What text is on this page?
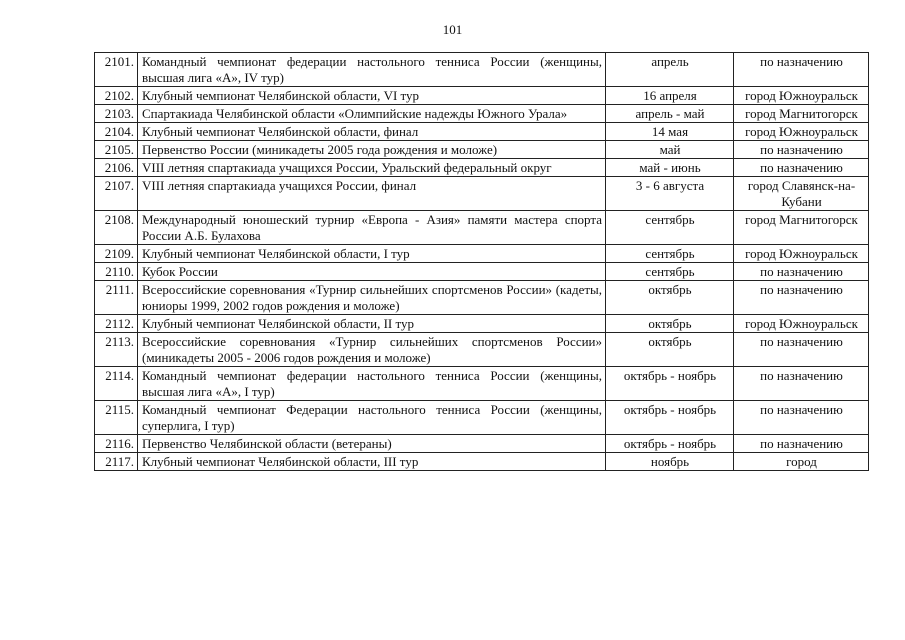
101
2101.	Командный чемпионат федерации настольного тенниса России (женщины, высшая лига «А», IV тур)	апрель	по назначению
2102.	Клубный чемпионат Челябинской области, VI тур	16 апреля	город Южноуральск
2103.	Спартакиада Челябинской области «Олимпийские надежды Южного Урала»	апрель - май	город Магнитогорск
2104.	Клубный чемпионат Челябинской области, финал	14 мая	город Южноуральск
2105.	Первенство России (миникадеты 2005 года рождения и моложе)	май	по назначению
2106.	VIII летняя спартакиада учащихся России, Уральский федеральный округ	май - июнь	по назначению
2107.	VIII летняя спартакиада учащихся России, финал	3 - 6 августа	город Славянск-на-Кубани
2108.	Международный юношеский турнир «Европа - Азия» памяти мастера спорта России А.Б. Булахова	сентябрь	город Магнитогорск
2109.	Клубный чемпионат Челябинской области, I тур	сентябрь	город Южноуральск
2110.	Кубок России	сентябрь	по назначению
2111.	Всероссийские соревнования «Турнир сильнейших спортсменов России» (кадеты, юниоры 1999, 2002 годов рождения и моложе)	октябрь	по назначению
2112.	Клубный чемпионат Челябинской области, II тур	октябрь	город Южноуральск
2113.	Всероссийские соревнования «Турнир сильнейших спортсменов России» (миникадеты 2005 - 2006 годов рождения и моложе)	октябрь	по назначению
2114.	Командный чемпионат федерации настольного тенниса России (женщины, высшая лига «А», I тур)	октябрь - ноябрь	по назначению
2115.	Командный чемпионат Федерации настольного тенниса России (женщины, суперлига, I тур)	октябрь - ноябрь	по назначению
2116.	Первенство Челябинской области (ветераны)	октябрь - ноябрь	по назначению
2117.	Клубный чемпионат Челябинской области, III тур	ноябрь	город
